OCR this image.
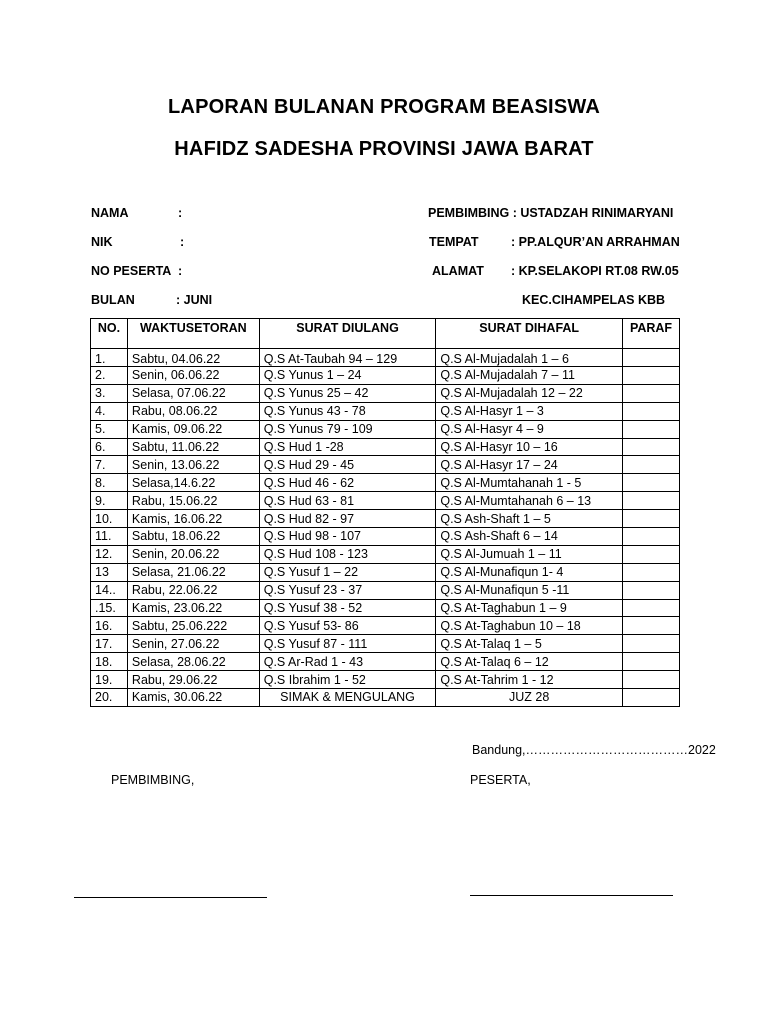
LAPORAN BULANAN PROGRAM BEASISWA
HAFIDZ SADESHA PROVINSI JAWA BARAT
NAMA	:
NIK	:
NO PESERTA :
BULAN	: JUNI
PEMBIMBING : USTADZAH RINIMARYANI
TEMPAT	: PP.ALQUR’AN ARRAHMAN
ALAMAT : KP.SELAKOPI RT.08 RW.05
KEC.CIHAMPELAS KBB
NO.	WAKTUSETORAN	SURAT DIULANG	SURAT DIHAFAL	PARAF
1.	Sabtu, 04.06.22	Q.S At-Taubah 94 – 129	Q.S Al-Mujadalah 1 – 6	
2.	Senin, 06.06.22	Q.S Yunus 1 – 24	Q.S Al-Mujadalah 7 – 11	
3.	Selasa, 07.06.22	Q.S Yunus 25 – 42	Q.S Al-Mujadalah 12 – 22	
4.	Rabu, 08.06.22	Q.S Yunus 43 - 78	Q.S Al-Hasyr 1 – 3	
5.	Kamis, 09.06.22	Q.S Yunus 79 - 109	Q.S Al-Hasyr 4 – 9	
6.	Sabtu, 11.06.22	Q.S Hud 1 -28	Q.S Al-Hasyr 10 – 16	
7.	Senin, 13.06.22	Q.S Hud 29 - 45	Q.S Al-Hasyr 17 – 24	
8.	Selasa,14.6.22	Q.S Hud 46 - 62	Q.S Al-Mumtahanah 1 - 5	
9.	Rabu, 15.06.22	Q.S Hud 63 - 81	Q.S Al-Mumtahanah 6 – 13	
10.	Kamis, 16.06.22	Q.S Hud 82 - 97	Q.S Ash-Shaft 1 – 5	
11.	Sabtu, 18.06.22	Q.S Hud 98 - 107	Q.S Ash-Shaft 6 – 14	
12.	Senin, 20.06.22	Q.S Hud 108 - 123	Q.S Al-Jumuah 1 – 11	
13	Selasa, 21.06.22	Q.S Yusuf 1 – 22	Q.S Al-Munafiqun 1- 4	
14..	Rabu, 22.06.22	Q.S Yusuf 23 - 37	Q.S Al-Munafiqun 5 -11	
.15.	Kamis, 23.06.22	Q.S Yusuf 38 - 52	Q.S At-Taghabun 1 – 9	
16.	Sabtu, 25.06.222	Q.S Yusuf 53- 86	Q.S At-Taghabun 10 – 18	
17.	Senin, 27.06.22	Q.S Yusuf 87 - 111	Q.S At-Talaq 1 – 5	
18.	Selasa, 28.06.22	Q.S Ar-Rad 1 - 43	Q.S At-Talaq 6 – 12	
19.	Rabu, 29.06.22	Q.S Ibrahim 1 - 52	Q.S At-Tahrim 1 - 12	
20.	Kamis, 30.06.22	SIMAK & MENGULANG	JUZ 28	
Bandung,…………………………………2022
PEMBIMBING,	PESERTA,
